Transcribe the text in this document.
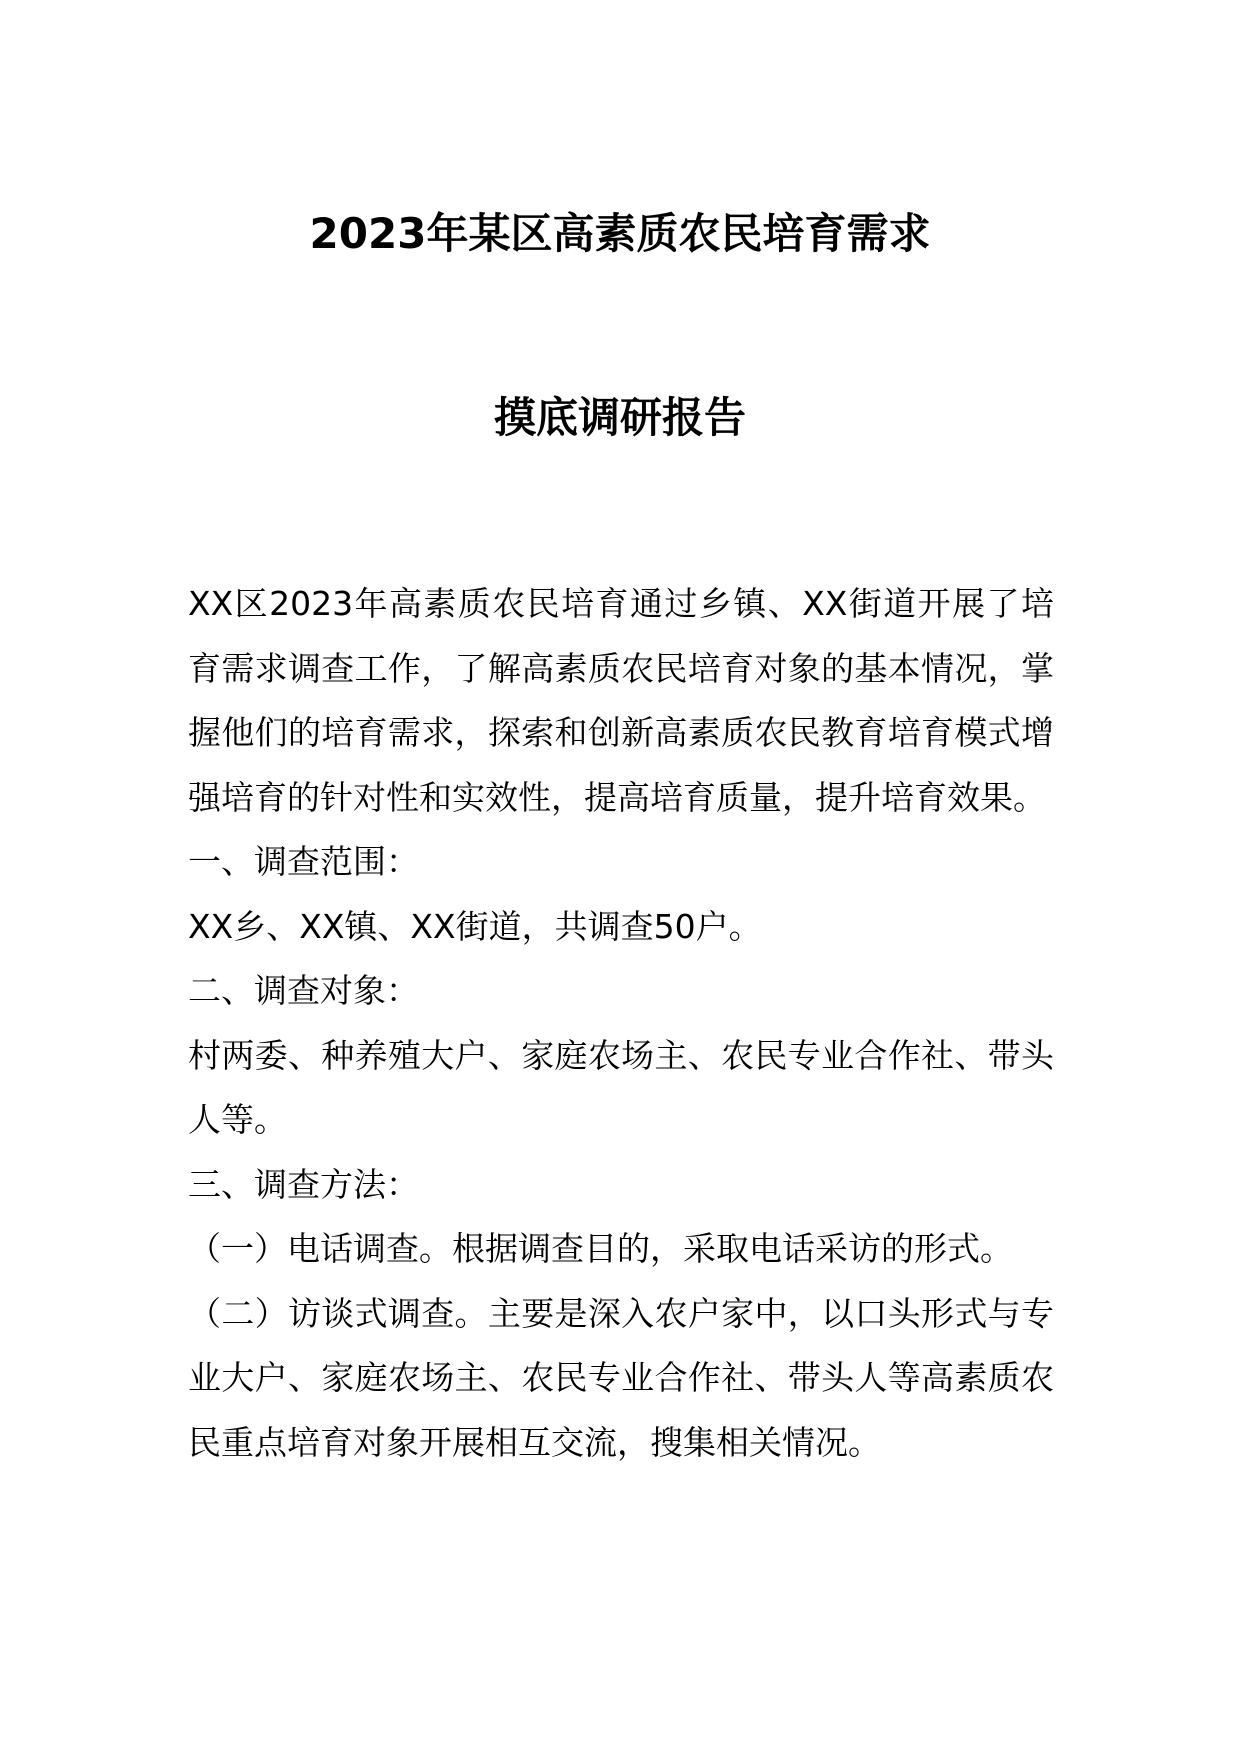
2023年某区高素质农民培育需求
摸底调研报告

XX区2023年高素质农民培育通过乡镇、XX街道开展了培育需求调查工作，了解高素质农民培育对象的基本情况，掌握他们的培育需求，探索和创新高素质农民教育培育模式增强培育的针对性和实效性，提高培育质量，提升培育效果。

一、调查范围：

XX乡、XX镇、XX街道，共调查50户。

二、调查对象：

村两委、种养殖大户、家庭农场主、农民专业合作社、带头人等。

三、调查方法：

（一）电话调查。根据调查目的，采取电话采访的形式。

（二）访谈式调查。主要是深入农户家中，以口头形式与专业大户、家庭农场主、农民专业合作社、带头人等高素质农民重点培育对象开展相互交流，搜集相关情况。
